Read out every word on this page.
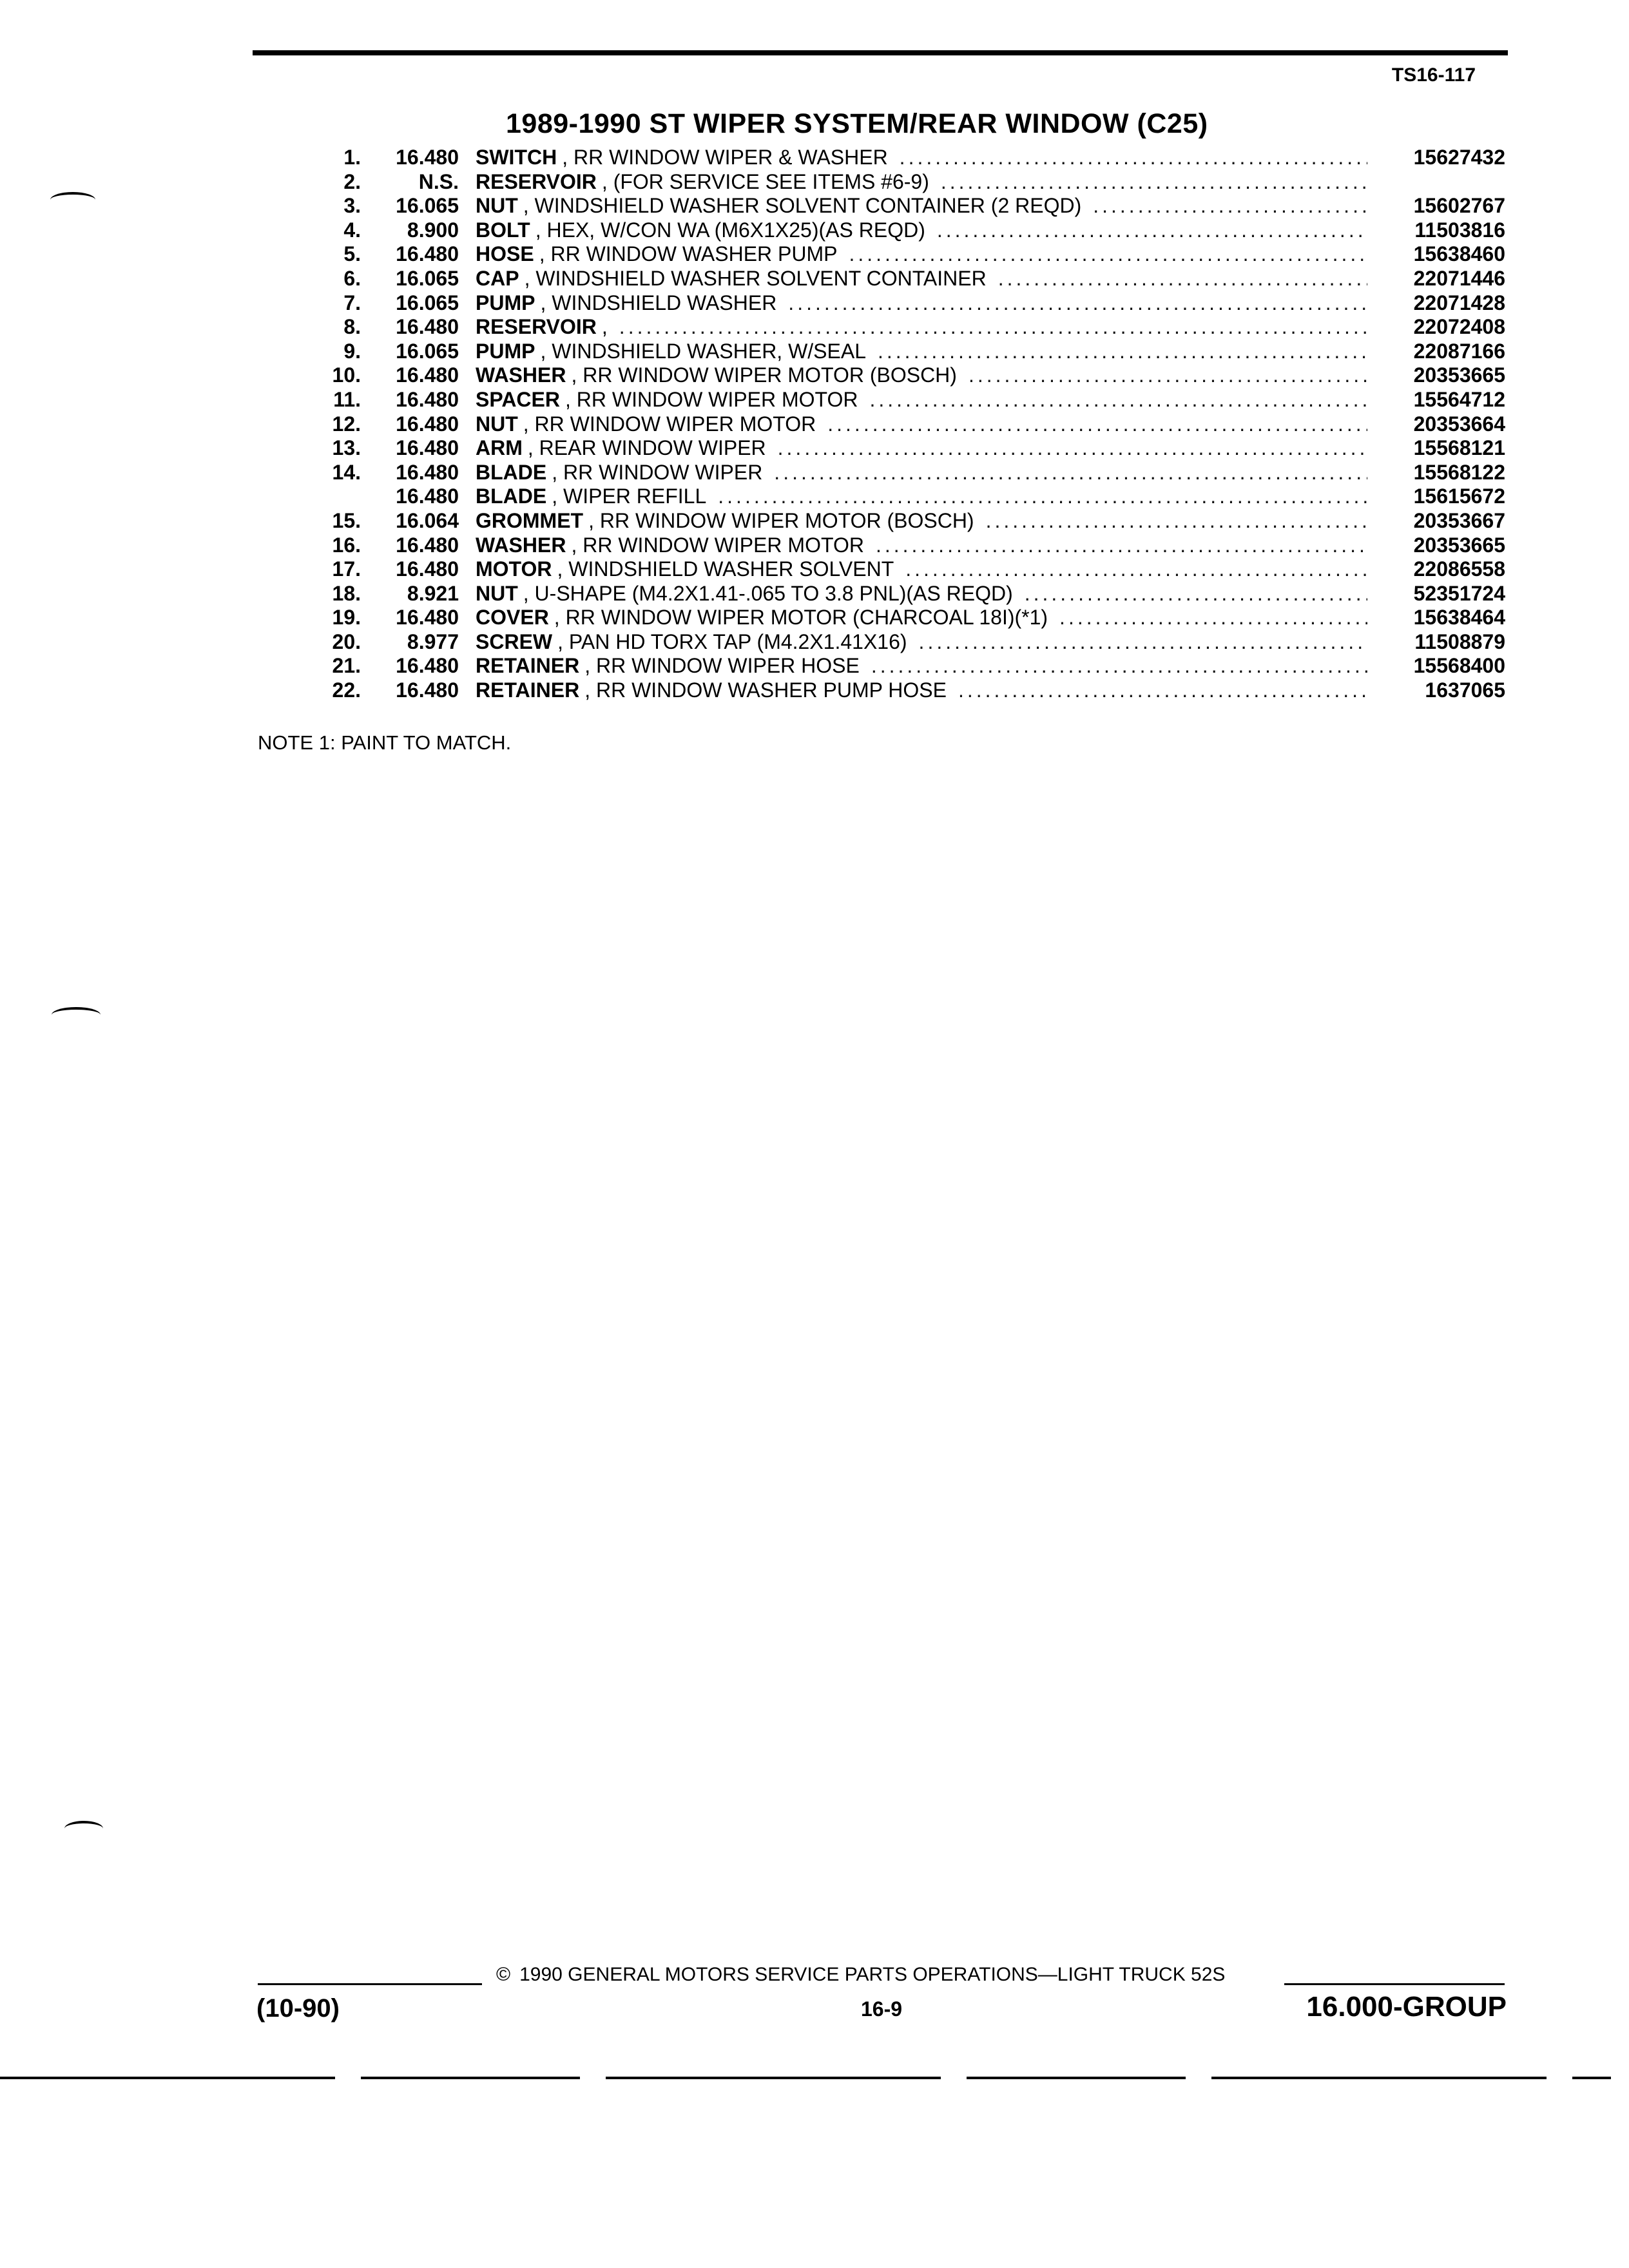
TS16-117
1989-1990 ST WIPER SYSTEM/REAR WINDOW (C25)
1.	16.480 SWITCH , RR WINDOW WIPER & WASHER .....	15627432
2.	N.S. RESERVOIR , (FOR SERVICE SEE ITEMS #6-9)
.....
3.	16.065 NUT , WINDSHIELD WASHER SOLVENT CONTAINER (2 REQD) .....	15602767
4.	8.900 BOLT , HEX, W/CON WA (M6X1X25)(AS REQD) .....	11503816
5.	16.480 HOSE , RR WINDOW WASHER PUMP .....	15638460
6.	16.065 CAP , WINDSHIELD WASHER SOLVENT CONTAINER .....	22071446
7.	16.065 PUMP , WINDSHIELD WASHER .....	22071428
8.	16.480 RESERVOIR , .....	22072408
9.	16.065 PUMP , WINDSHIELD WASHER, W/SEAL .....	22087166
10.	16.480 WASHER , RR WINDOW WIPER MOTOR (BOSCH) .....	20353665
11.	16.480 SPACER , RR WINDOW WIPER MOTOR .....	15564712
12.	16.480 NUT , RR WINDOW WIPER MOTOR .....	20353664
13.	16.480 ARM , REAR WINDOW WIPER .....	15568121
14.	16.480 BLADE , RR WINDOW WIPER .....	15568122
16.480 BLADE , WIPER REFILL .....	15615672
15.	16.064 GROMMET , RR WINDOW WIPER MOTOR (BOSCH) .....	20353667
16.	16.480 WASHER , RR WINDOW WIPER MOTOR .....	20353665
17.	16.480 MOTOR , WINDSHIELD WASHER SOLVENT .....	22086558
18.	8.921 NUT , U-SHAPE (M4.2X1.41-.065 TO 3.8 PNL)(AS REQD) .....	52351724
19.	16.480 COVER , RR WINDOW WIPER MOTOR (CHARCOAL 18I)(*1) .....	15638464
20.	8.977 SCREW , PAN HD TORX TAP (M4.2X1.41X16) .....	11508879
21.	16.480 RETAINER , RR WINDOW WIPER HOSE .....	15568400
22.	16.480 RETAINER , RR WINDOW WASHER PUMP HOSE .....	1637065
NOTE 1: PAINT TO MATCH.
© 1990 GENERAL MOTORS SERVICE PARTS OPERATIONS—LIGHT TRUCK 52S
(10-90)	16-9	16.000-GROUP
